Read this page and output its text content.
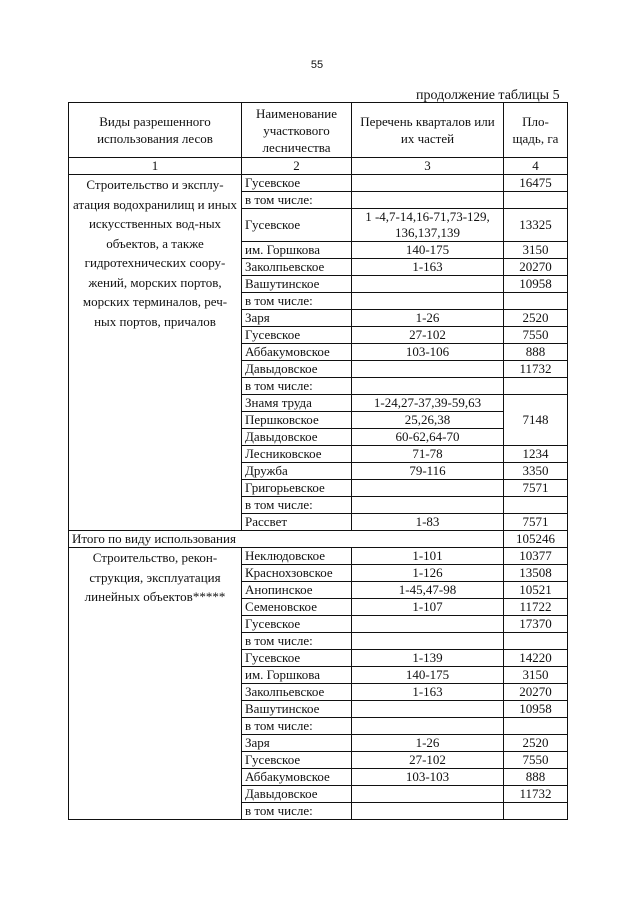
55
продолжение таблицы 5
Виды разрешенного использования лесов	Наименование участкового лесничества	Перечень кварталов или их частей	Пло-щадь, га
1	2	3	4
Строительство и эксплу-атация водохранилищ и иных искусственных вод-ных объектов, а также гидротехнических соору-жений, морских портов, морских терминалов, реч-ных портов, причалов	Гусевское		16475
	в том числе:		
	Гусевское	1 -4,7-14,16-71,73-129, 136,137,139	13325
	им. Горшкова	140-175	3150
	Заколпьевское	1-163	20270
	Вашутинское		10958
	в том числе:		
	Заря	1-26	2520
	Гусевское	27-102	7550
	Аббакумовское	103-106	888
	Давыдовское		11732
	в том числе:		
	Знамя труда	1-24,27-37,39-59,63	7148
	Першковское	25,26,38	
	Давыдовское	60-62,64-70	
	Лесниковское	71-78	1234
	Дружба	79-116	3350
	Григорьевское		7571
	в том числе:		
	Рассвет	1-83	7571
Итого по виду использования			105246
Строительство, рекон-струкция, эксплуатация линейных объектов*****	Неклюдовское	1-101	10377
	Краснохзовское	1-126	13508
	Анопинское	1-45,47-98	10521
	Семеновское	1-107	11722
	Гусевское		17370
	в том числе:		
	Гусевское	1-139	14220
	им. Горшкова	140-175	3150
	Заколпьевское	1-163	20270
	Вашутинское		10958
	в том числе:		
	Заря	1-26	2520
	Гусевское	27-102	7550
	Аббакумовское	103-103	888
	Давыдовское		11732
	в том числе:		
